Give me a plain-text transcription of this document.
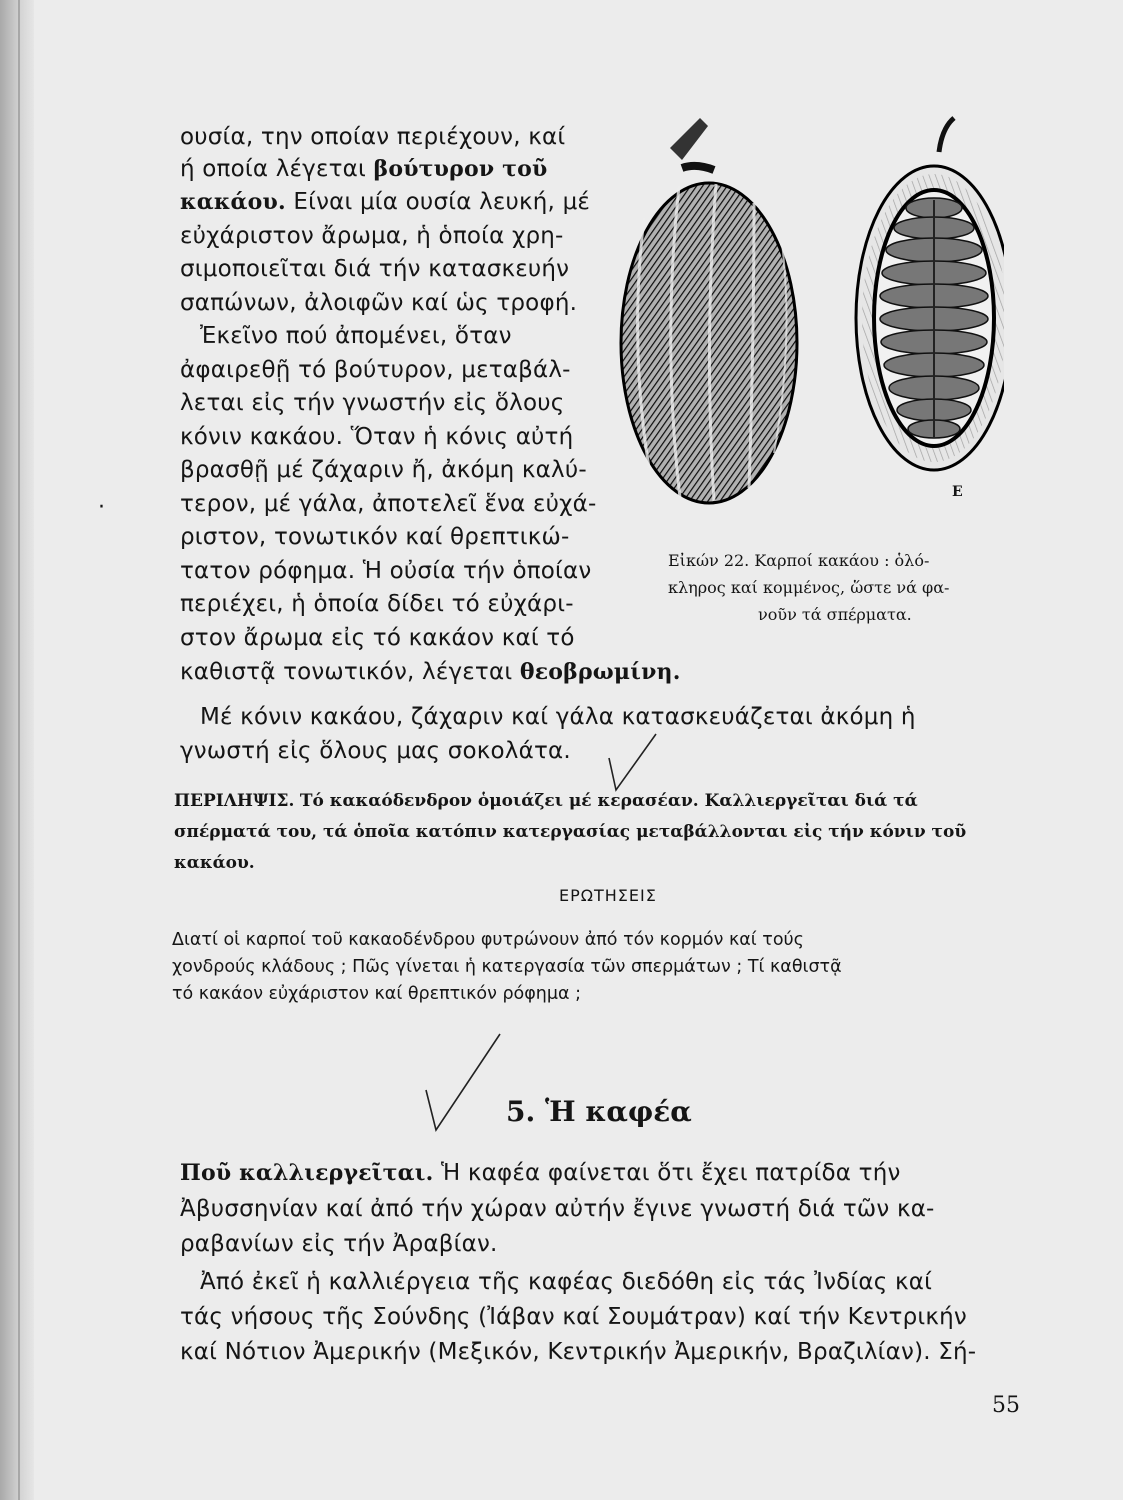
ουσία, την οποίαν περιέχουν, καί
ή οποία λέγεται βούτυρον τοῦ
κακάου. Είναι μία ουσία λευκή, μέ
εὐχάριστον ἄρωμα, ἡ ὁποία χρη-
σιμοποιεῖται διά τήν κατασκευήν
σαπώνων, ἀλοιφῶν καί ὡς τροφή.
Ἐκεῖνο πού ἀπομένει, ὅταν
ἀφαιρεθῇ τό βούτυρον, μεταβάλ-
λεται εἰς τήν γνωστήν εἰς ὅλους
κόνιν κακάου. Ὅταν ἡ κόνις αὐτή
βρασθῇ μέ ζάχαριν ἤ, ἀκόμη καλύ-
τερον, μέ γάλα, ἀποτελεῖ ἕνα εὐχά-
ριστον, τονωτικόν καί θρεπτικώ-
τατον ρόφημα. Ἡ οὐσία τήν ὁποίαν
περιέχει, ἡ ὁποία δίδει τό εὐχάρι-
στον ἄρωμα εἰς τό κακάον καί τό
καθιστᾷ τονωτικόν, λέγεται θεοβρωμίνη.
Ε
Εἰκών 22. Καρποί κακάου : ὁλό-
κληρος καί κομμένος, ὥστε νά φα-
νοῦν τά σπέρματα.
·
Μέ κόνιν κακάου, ζάχαριν καί γάλα κατασκευάζεται ἀκόμη ἡ
γνωστή εἰς ὅλους μας σοκολάτα.
ΠΕΡΙΛΗΨΙΣ. Τό κακαόδενδρον ὁμοιάζει μέ κερασέαν. Καλλιεργεῖται διά τά
σπέρματά του, τά ὁποῖα κατόπιν κατεργασίας μεταβάλλονται εἰς τήν κόνιν τοῦ
κακάου.
ΕΡΩΤΗΣΕΙΣ
Διατί οἱ καρποί τοῦ κακαοδένδρου φυτρώνουν ἀπό τόν κορμόν καί τούς
χονδρούς κλάδους ; Πῶς γίνεται ἡ κατεργασία τῶν σπερμάτων ; Τί καθιστᾷ
τό κακάον εὐχάριστον καί θρεπτικόν ρόφημα ;
5. Ἡ καφέα
Ποῦ καλλιεργεῖται. Ἡ καφέα φαίνεται ὅτι ἔχει πατρίδα τήν
Ἀβυσσηνίαν καί ἀπό τήν χώραν αὐτήν ἔγινε γνωστή διά τῶν κα-
ραβανίων εἰς τήν Ἀραβίαν.
Ἀπό ἐκεῖ ἡ καλλιέργεια τῆς καφέας διεδόθη εἰς τάς Ἰνδίας καί
τάς νήσους τῆς Σούνδης (Ἰάβαν καί Σουμάτραν) καί τήν Κεντρικήν
καί Νότιον Ἀμερικήν (Μεξικόν, Κεντρικήν Ἀμερικήν, Βραζιλίαν). Σή-
55
